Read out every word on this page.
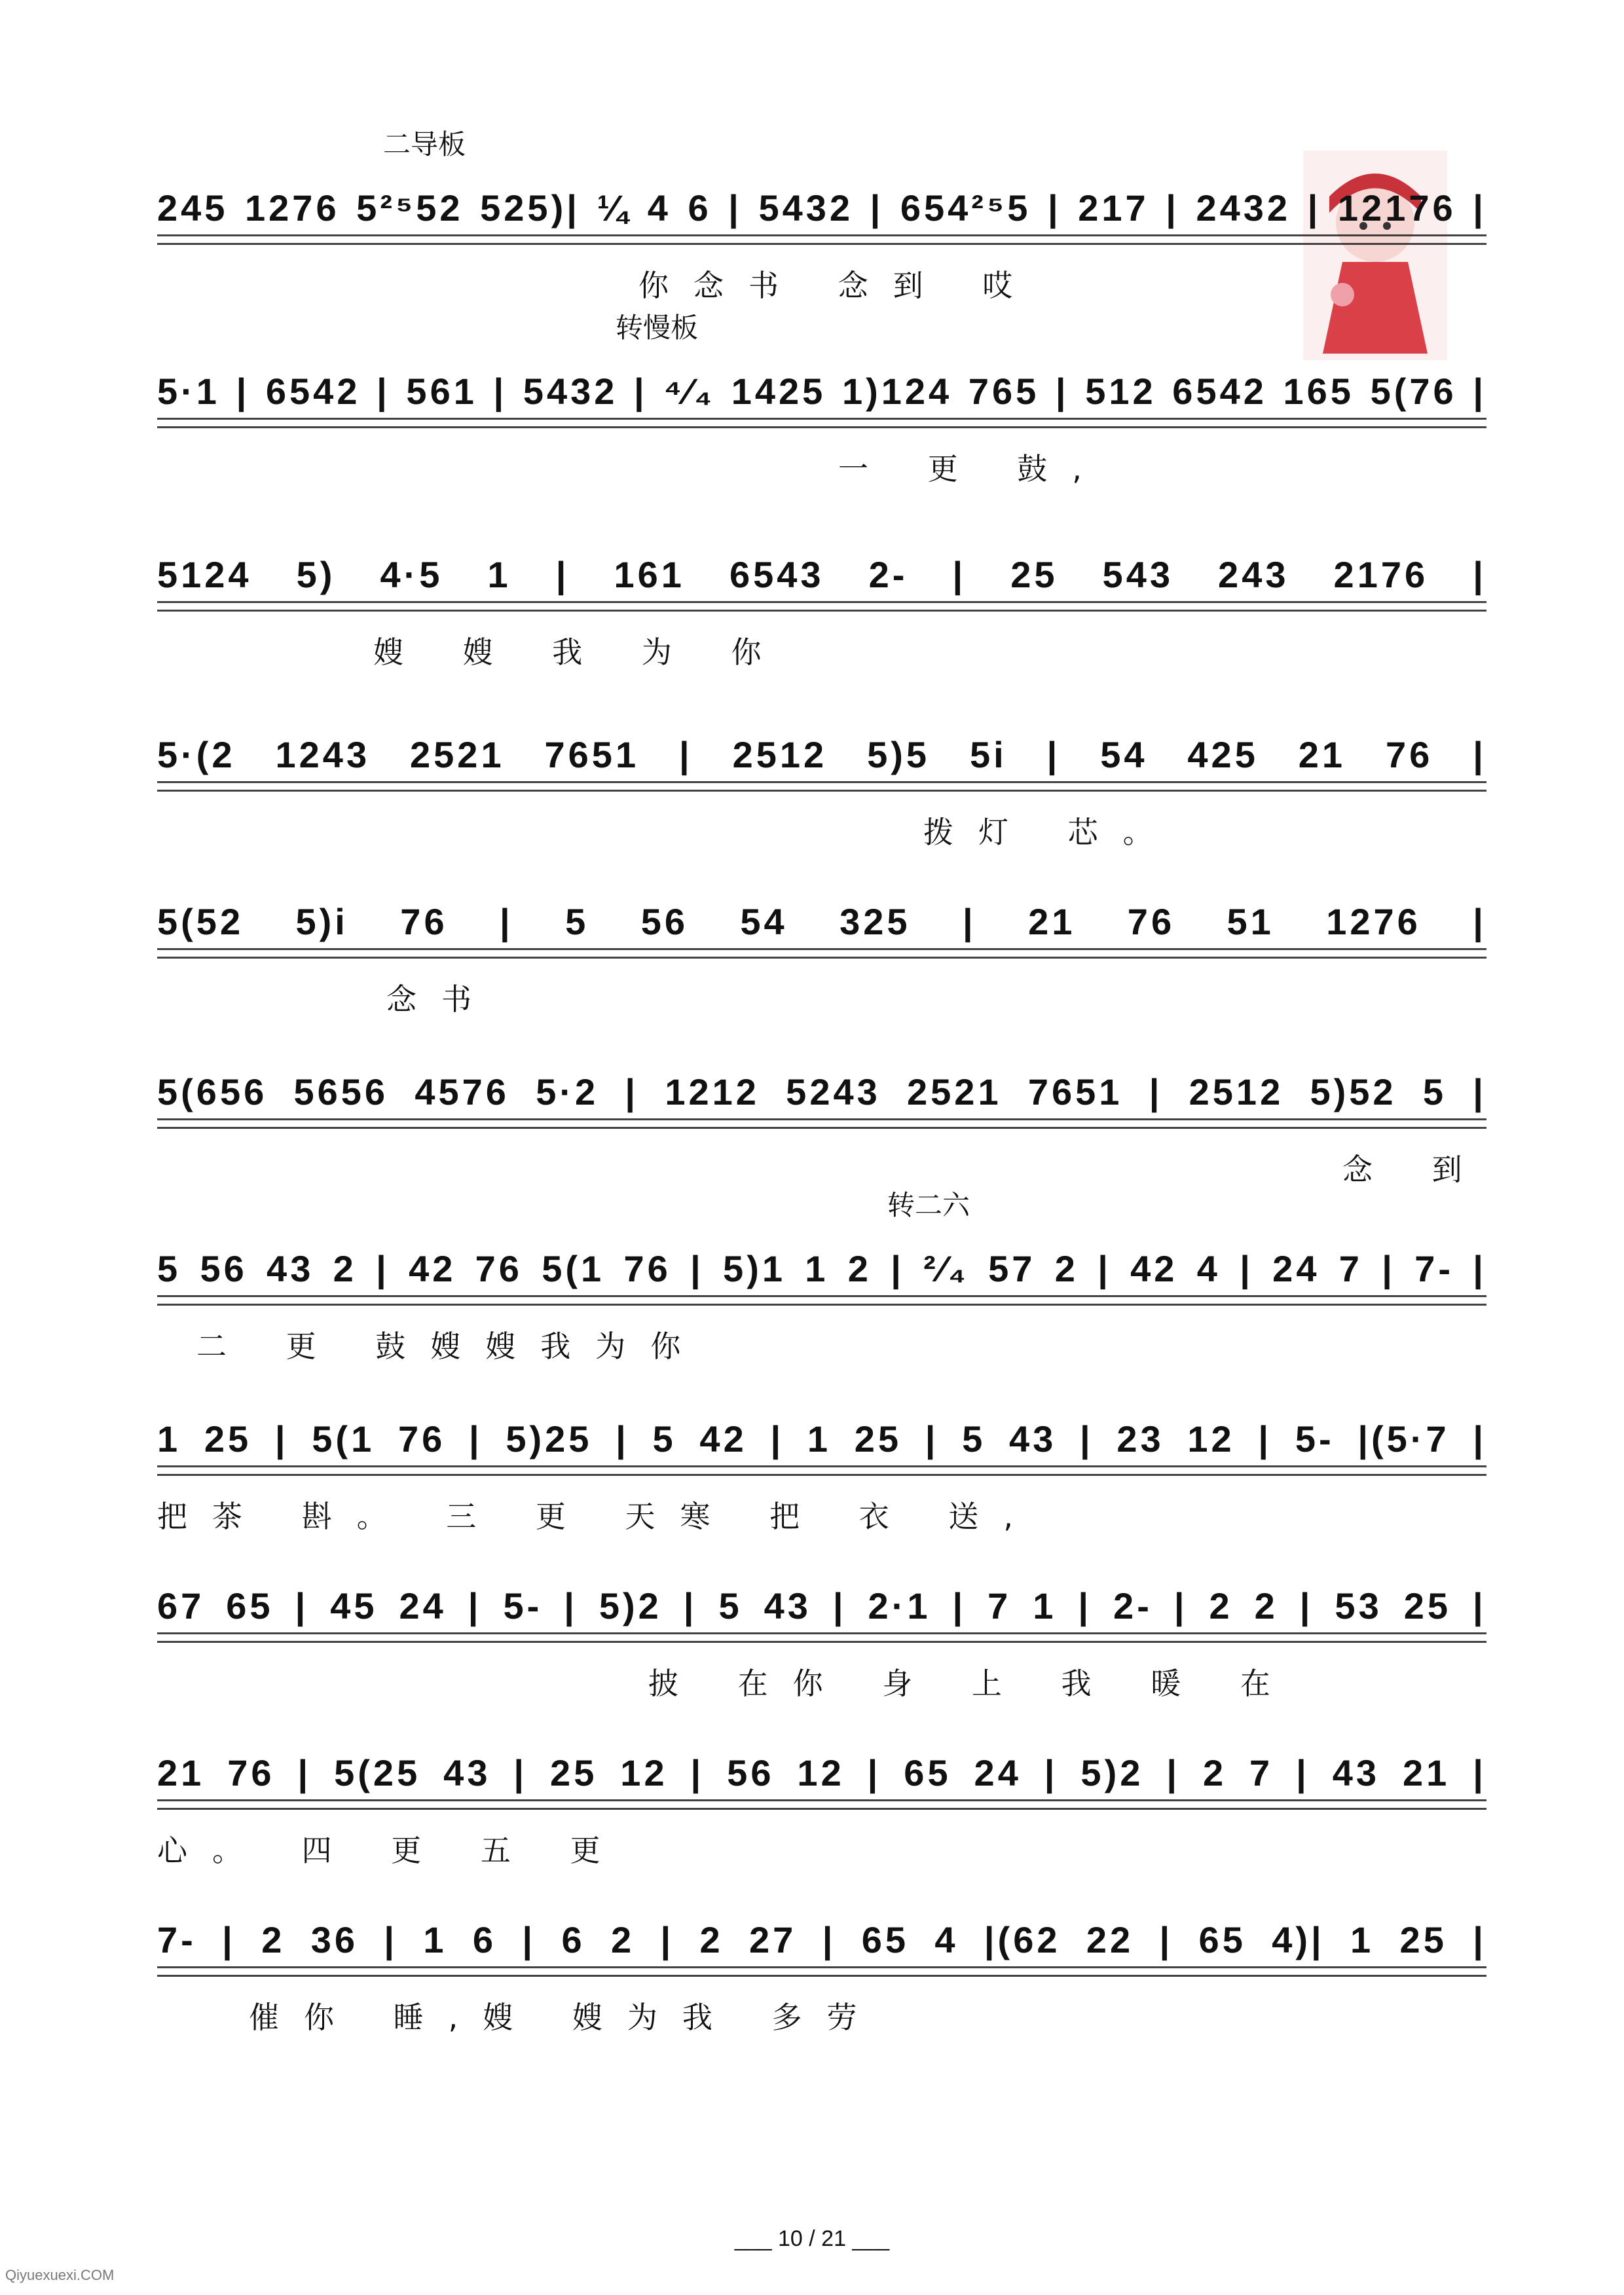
二导板
245 1276 5²⁵52 525)| ¼ 4 6 | 5432 | 654²⁵5 | 217 | 2432 | 12176 |
你念书 念到 哎
转慢板
5·1 | 6542 | 561 | 5432 | ⁴⁄₄ 1425 1)124 765 | 512 6542 165 5(76 |
一 更 鼓,
5124 5) 4·5 1 | 161 6543 2- | 25 543 243 2176 |
嫂 嫂 我 为 你
5·(2 1243 2521 7651 | 2512 5)5 5i | 54 425 21 76 |
拨灯 芯。
5(52 5)i 76 | 5 56 54 325 | 21 76 51 1276 |
念书
5(656 5656 4576 5·2 | 1212 5243 2521 7651 | 2512 5)52 5 |
念 到
转二六
5 56 43 2 | 42 76 5(1 76 | 5)1 1 2 | ²⁄₄ 57 2 | 42 4 | 24 7 | 7- |
二 更 鼓嫂嫂我为你
1 25 | 5(1 76 | 5)25 | 5 42 | 1 25 | 5 43 | 23 12 | 5- |(5·7 |
把茶 斟。 三 更 天寒 把 衣 送,
67 65 | 45 24 | 5- | 5)2 | 5 43 | 2·1 | 7 1 | 2- | 2 2 | 53 25 |
披 在你 身 上 我 暖 在
21 76 | 5(25 43 | 25 12 | 56 12 | 65 24 | 5)2 | 2 7 | 43 21 |
心。 四 更 五 更
7- | 2 36 | 1 6 | 6 2 | 2 27 | 65 4 |(62 22 | 65 4)| 1 25 |
催你 睡,嫂 嫂为我 多劳
___ 10 / 21 ___
Qiyuexuexi.COM
